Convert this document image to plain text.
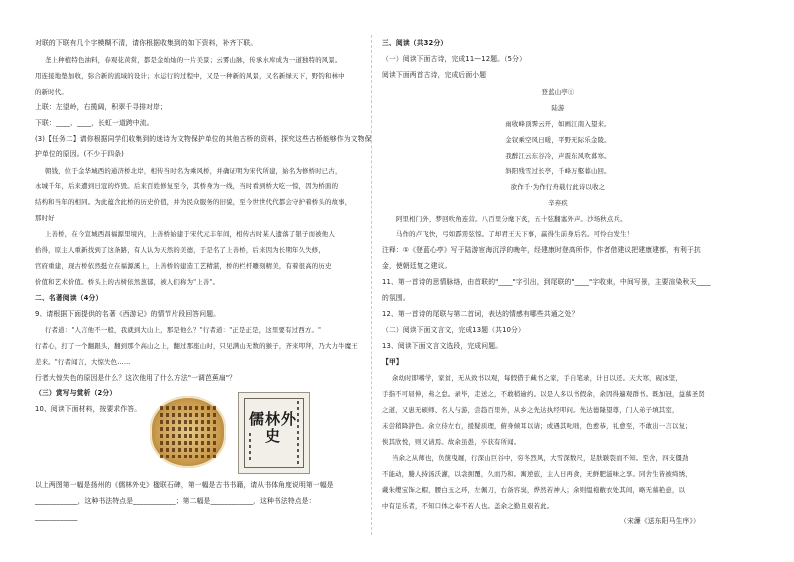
对联的下联有几个字模糊不清，请你根据收集到的如下资料，补齐下联。
垄上种植特色油料，春观花黄赏，都是金灿灿的一片美景；云雾山脉，传承水库成为一道独特的风景。
用连接地垫加收，弥合新的流域的设计；水运行的过程中，又是一种新的风景，又名新绿天下，野钓和林中
的新时代。
上联：左望岭，右揽阔，积翠千寻排对岸；
下联：____、____，长虹一道跨中流。
(3)【任务二】请你根据同学们收集到的迷诗为文物保护单位的其他古桥的资料，探究这些古桥能够作为文物保
护单位的原因。(不少于四条)
朝钱，位于金华城西的通济桥北岸，相传当时名为乘风桥，并确证明为宋代所建，始名为修桥时已古，
永城千年，后来遭到日寇的炸毁。后来百姓修复至今，其桥身为一线，当时看到桥大吃一惊，因为桥面的
结构和当年的相同。为此蕴含此桥的历史价值，并为民众服务的旧貌，至今世世代代都会守护着桥头的故事，
那时好
上善桥，在今宣城西昌福源里境内，上善桥始建于宋代元丰年间，相传古时某人遗落了银子而被他人
拾得，原主人重新找到了这条路，有人认为天然的美德，于是名了上善桥，后来因为长期年久失修，
官府重建，现古桥依然挺立在福源溪上，上善桥的建造工艺精湛，桥的栏杆雕刻精美，有着很高的历史
价值和艺术价值。桥头上的古树依然葱郁，被人们称为"上善"。
二、名著阅读（4分）
9、请根据下面提供的名著《西游记》的情节片段回答问题。
行者道："人言他不一般，我就到大山上，那是他么？"行者道："正是正是，这里要有过西方。"
行者心，打了一个翻跟头，翻到那个高山之上，翻过那座山时，只见满山无数的猴子，齐来叩拜，乃大力牛魔王
差来。"行者闻言，大惊失色……
行者大惊失色的原因是什么？这次他用了什么方法"一调芭蕉扇"？
（三）赏写与赏析（2分）
10、阅读下面材料，按要求作答。
以上两图第一幅是扬州的《儒林外史》楹联石碑，第一幅是古书书籍，请从书体角度说明第一幅是
____________，这种书法特点是____________；第二幅是____________，这种书法特点是：
____________
儒林外史
三、阅读（共32分）
（一）阅读下面古诗，完成11—12题。（5分）
阅读下面两首古诗，完成后面小题
登蓝山亭①
陆游
雨收峰顶霁云开，如画江南入望来。
金钗乘空风日暖，平野无际乐金陵。
我醉江云东谷冷，声震东风吹暮寒。
斜阳残雪过长亭，千峰万壑暮山回。
欲作千·为作行舟载行此诗以收之
辛弃疾
阿里相门外，梦回吹角连营。八百里分麾下炙，五十弦翻塞外声。沙场秋点兵。
马作的卢飞快，弓如霹雳弦惊。了却君王天下事，赢得生前身后名。可怜白发生！
注释：①《登蓝心亭》写于陆游宦海沉浮的晚年，经建康时登高所作，作者借建议把建康建都，有利于抗
金，使朝廷复之建议。
11、第一首诗的思情脉络，由首联的"____"字引出，到尾联的"____"字收束，中间写景，主要渲染秋天____
的氛围。
12、第一首诗的尾联与第二首词，表达的情感有哪些共通之处？
（二）阅读下面文言文，完成13题（共10分）
13、阅读下面文言文选段，完成问题。
【甲】
余幼时即嗜学，家贫，无从致书以观，每假借于藏书之家，手自笔录，计日以还。天大寒，砚冰坚，
手指不可屈伸，弗之怠。录毕，走送之，不敢稍逾约。以是人多以书假余，余因得遍观群书。既加冠，益慕圣贤
之道，又患无硕师、名人与游，尝趋百里外，从乡之先达执经叩问。先达德隆望尊，门人弟子填其室，
未尝稍降辞色。余立侍左右，援疑质理，俯身倾耳以请；或遇其叱咄，色愈恭，礼愈至，不敢出一言以复；
俟其欣悦，则又请焉。故余虽愚，卒获有所闻。
当余之从师也，负箧曳屣，行深山巨谷中，穷冬烈风，大雪深数尺，足肤皲裂而不知。至舍，四支僵劲
不能动，媵人持汤沃灌，以衾拥覆，久而乃和。寓逆旅，主人日再食，无鲜肥滋味之享。同舍生皆被绮绣，
戴朱缨宝饰之帽，腰白玉之环，左佩刀，右备容臭，烨然若神人；余则缊袍敝衣处其间，略无慕艳意，以
中有足乐者，不知口体之奉不若人也。盖余之勤且艰若此。
（宋濂《送东阳马生序》）
